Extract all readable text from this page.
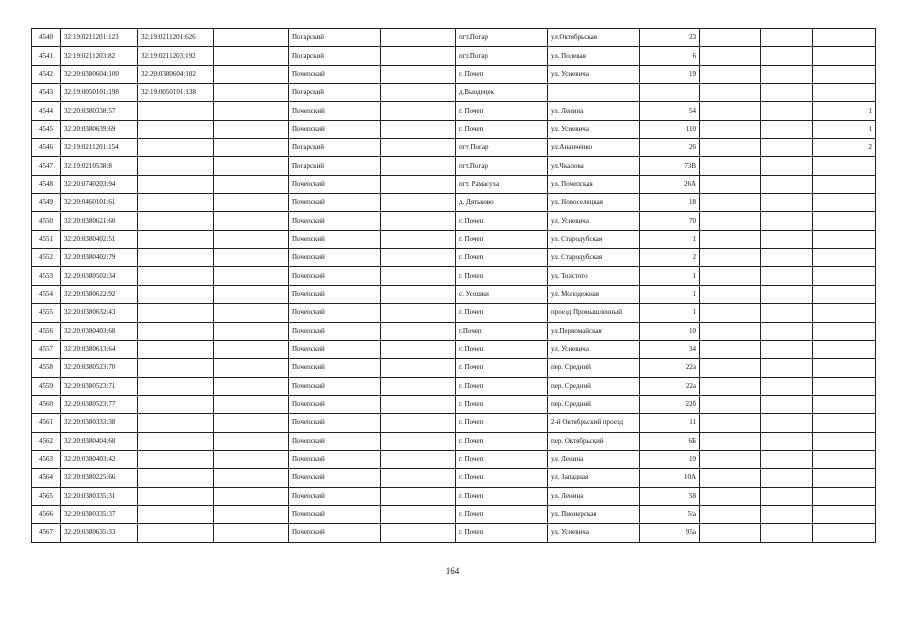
4540	32:19:0211201:123	32:19:0211201:626		Погарский		пгт.Погар	ул.Октябрьская	23			
4541	32:19:0211203:82	32:19:0211203:192		Погарский		пгт.Погар	ул. Полевая	6			
4542	32:20:0380604:100	32:20:0380604:102		Почепский		г. Почеп	ул. Усиевича	19			
4543	32:19:0050101:198	32:19:0050101:138		Погарский		д.Вьюдецек					
4544	32:20:0380338:57			Почепский		г. Почеп	ул. Ленина	54			1
4545	32:20:0380639:69			Почепский		г. Почеп	ул. Усиевича	110			1
4546	32:19:0211201:154			Погарский		пгт Погар	ул.Ананченко	26			2
4547	32:19:0210538:8			Погарский		пгт.Погар	ул.Чкалова	73В			
4548	32:20:0740203:94			Почепский		пгт. Рамасуха	ул. Почепская	26А			
4549	32:20:0460101:61			Почепский		д. Дятьково	ул. Новоселецкая	18			
4550	32:20:0380621:60			Почепский		г. Почеп	ул. Усиевича	70			
4551	32:20:0380402:51			Почепский		г. Почеп	ул. Стародубская	1			
4552	32:20:0380402:79			Почепский		г. Почеп	ул. Стародубская	2			
4553	32:20:0380502:34			Почепский		г. Почеп	ул. Толстого	1			
4554	32:20:0380622:92			Почепский		с. Усошки	ул. Молодежная	1			
4555	32:20:0380632:43			Почепский		г. Почеп	проезд Промышленный	1			
4556	32:20:0380403:68			Почепский		г.Почеп	ул.Первомайская	10			
4557	32:20:0380613:64			Почепский		г. Почеп	ул. Усиевича	34			
4558	32:20:0380523:70			Почепский		г. Почеп	пер. Средний	22а			
4559	32:20:0380523:71			Почепский		г. Почеп	пер. Средний	22а			
4560	32:20:0380523:77			Почепский		г. Почеп	пер. Средний	22б			
4561	32:20:0380333:38			Почепский		г. Почеп	2-й Октябрьский проезд	11			
4562	32:20:0380404:68			Почепский		г. Почеп	пер. Октябрьский	6Б			
4563	32:20:0380403:42			Почепский		г. Почеп	ул. Ленина	19			
4564	32:20:0380225:66			Почепский		г. Почеп	ул. Западная	10А			
4565	32:20:0380335:31			Почепский		г. Почеп	ул. Ленина	58			
4566	32:20:0380335:37			Почепский		г. Почеп	ул. Пионерская	5/а			
4567	32:20:0380635:33			Почепский		г. Почеп	ул. Усиевича	95а			
164
